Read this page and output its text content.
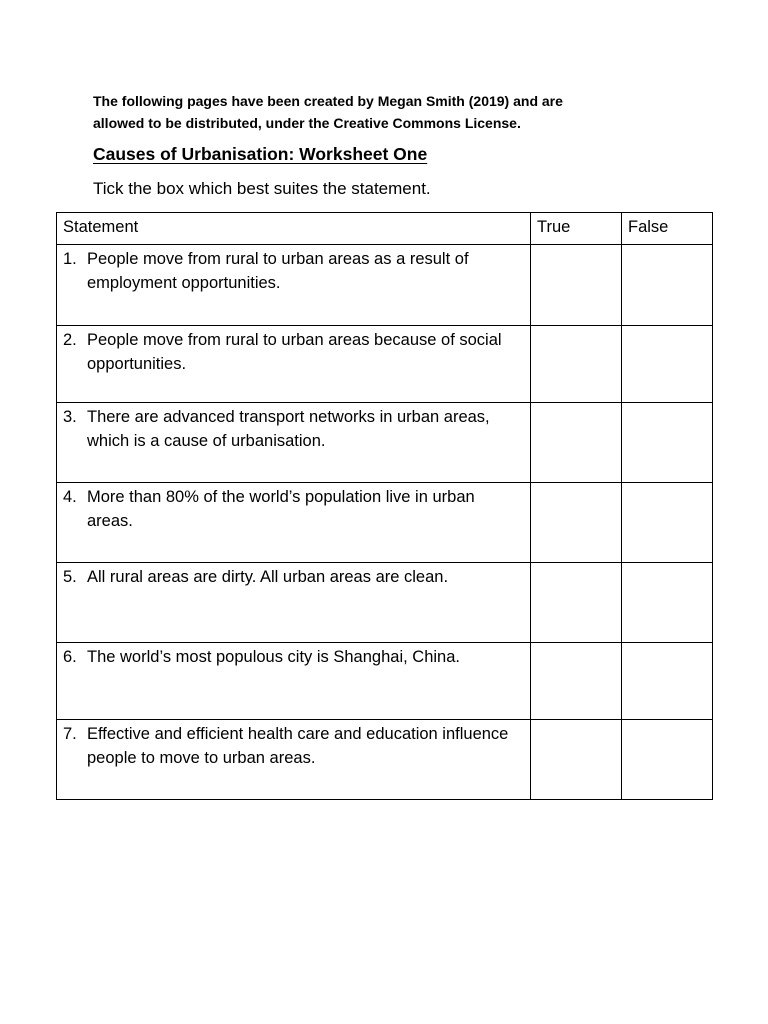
The following pages have been created by Megan Smith (2019) and are
allowed to be distributed, under the Creative Commons License.
Causes of Urbanisation: Worksheet One
Tick the box which best suites the statement.
Statement	True	False

1. People move from rural to urban areas as a result of employment opportunities.		

2. People move from rural to urban areas because of social opportunities.		

3. There are advanced transport networks in urban areas, which is a cause of urbanisation.		

4. More than 80% of the world’s population live in urban areas.		

5. All rural areas are dirty. All urban areas are clean.		

6. The world’s most populous city is Shanghai, China.		

7. Effective and efficient health care and education influence people to move to urban areas.		
